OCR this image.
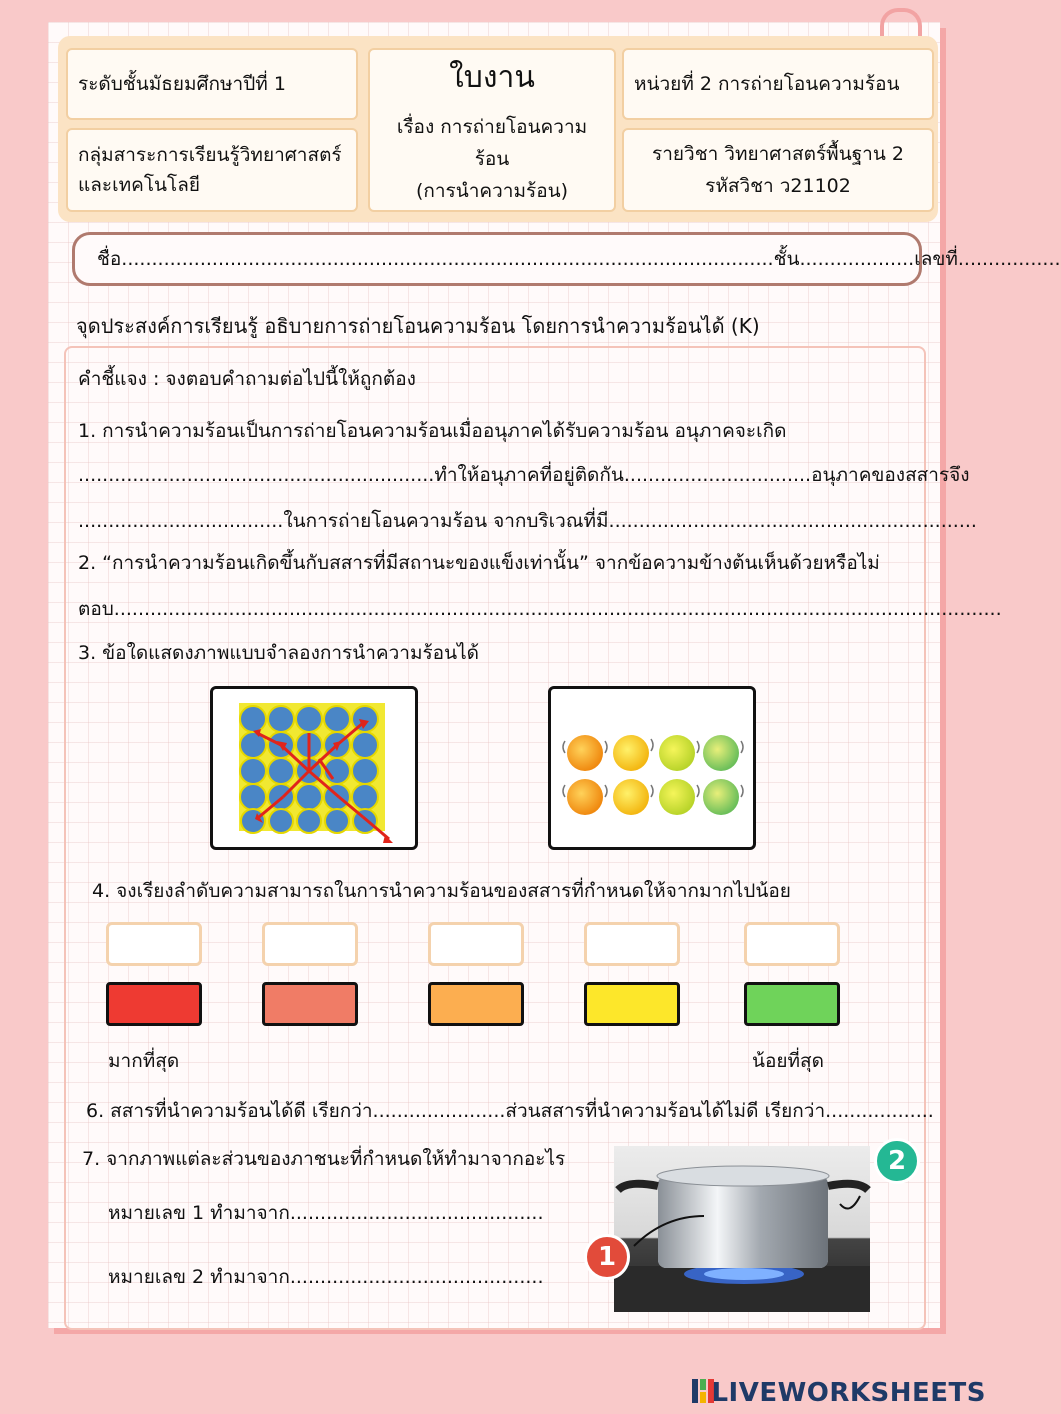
ระดับชั้นมัธยมศึกษาปีที่ 1
กลุ่มสาระการเรียนรู้วิทยาศาสตร์และเทคโนโลยี
ใบงาน
เรื่อง การถ่ายโอนความร้อน
(การนำความร้อน)
หน่วยที่ 2 การถ่ายโอนความร้อน
รายวิชา วิทยาศาสตร์พื้นฐาน 2
รหัสวิชา ว21102
ชื่อ............................................................................................................ชั้น...................เลขที่.................
จุดประสงค์การเรียนรู้ อธิบายการถ่ายโอนความร้อน โดยการนำความร้อนได้ (K)
คำชี้แจง : จงตอบคำถามต่อไปนี้ให้ถูกต้อง
1. การนำความร้อนเป็นการถ่ายโอนความร้อนเมื่ออนุภาคได้รับความร้อน อนุภาคจะเกิด
...........................................................ทำให้อนุภาคที่อยู่ติดกัน...............................อนุภาคของสสารจึง
..................................ในการถ่ายโอนความร้อน จากบริเวณที่มี.............................................................
2. “การนำความร้อนเกิดขึ้นกับสสารที่มีสถานะของแข็งเท่านั้น” จากข้อความข้างต้นเห็นด้วยหรือไม่
ตอบ...................................................................................................................................................
3. ข้อใดแสดงภาพแบบจำลองการนำความร้อนได้
4. จงเรียงลำดับความสามารถในการนำความร้อนของสสารที่กำหนดให้จากมากไปน้อย
มากที่สุด	น้อยที่สุด
6. สสารที่นำความร้อนได้ดี เรียกว่า......................ส่วนสสารที่นำความร้อนได้ไม่ดี เรียกว่า..................
7. จากภาพแต่ละส่วนของภาชนะที่กำหนดให้ทำมาจากอะไร
หมายเลข 1 ทำมาจาก..........................................
หมายเลข 2 ทำมาจาก..........................................
1
2
LIVEWORKSHEETS
